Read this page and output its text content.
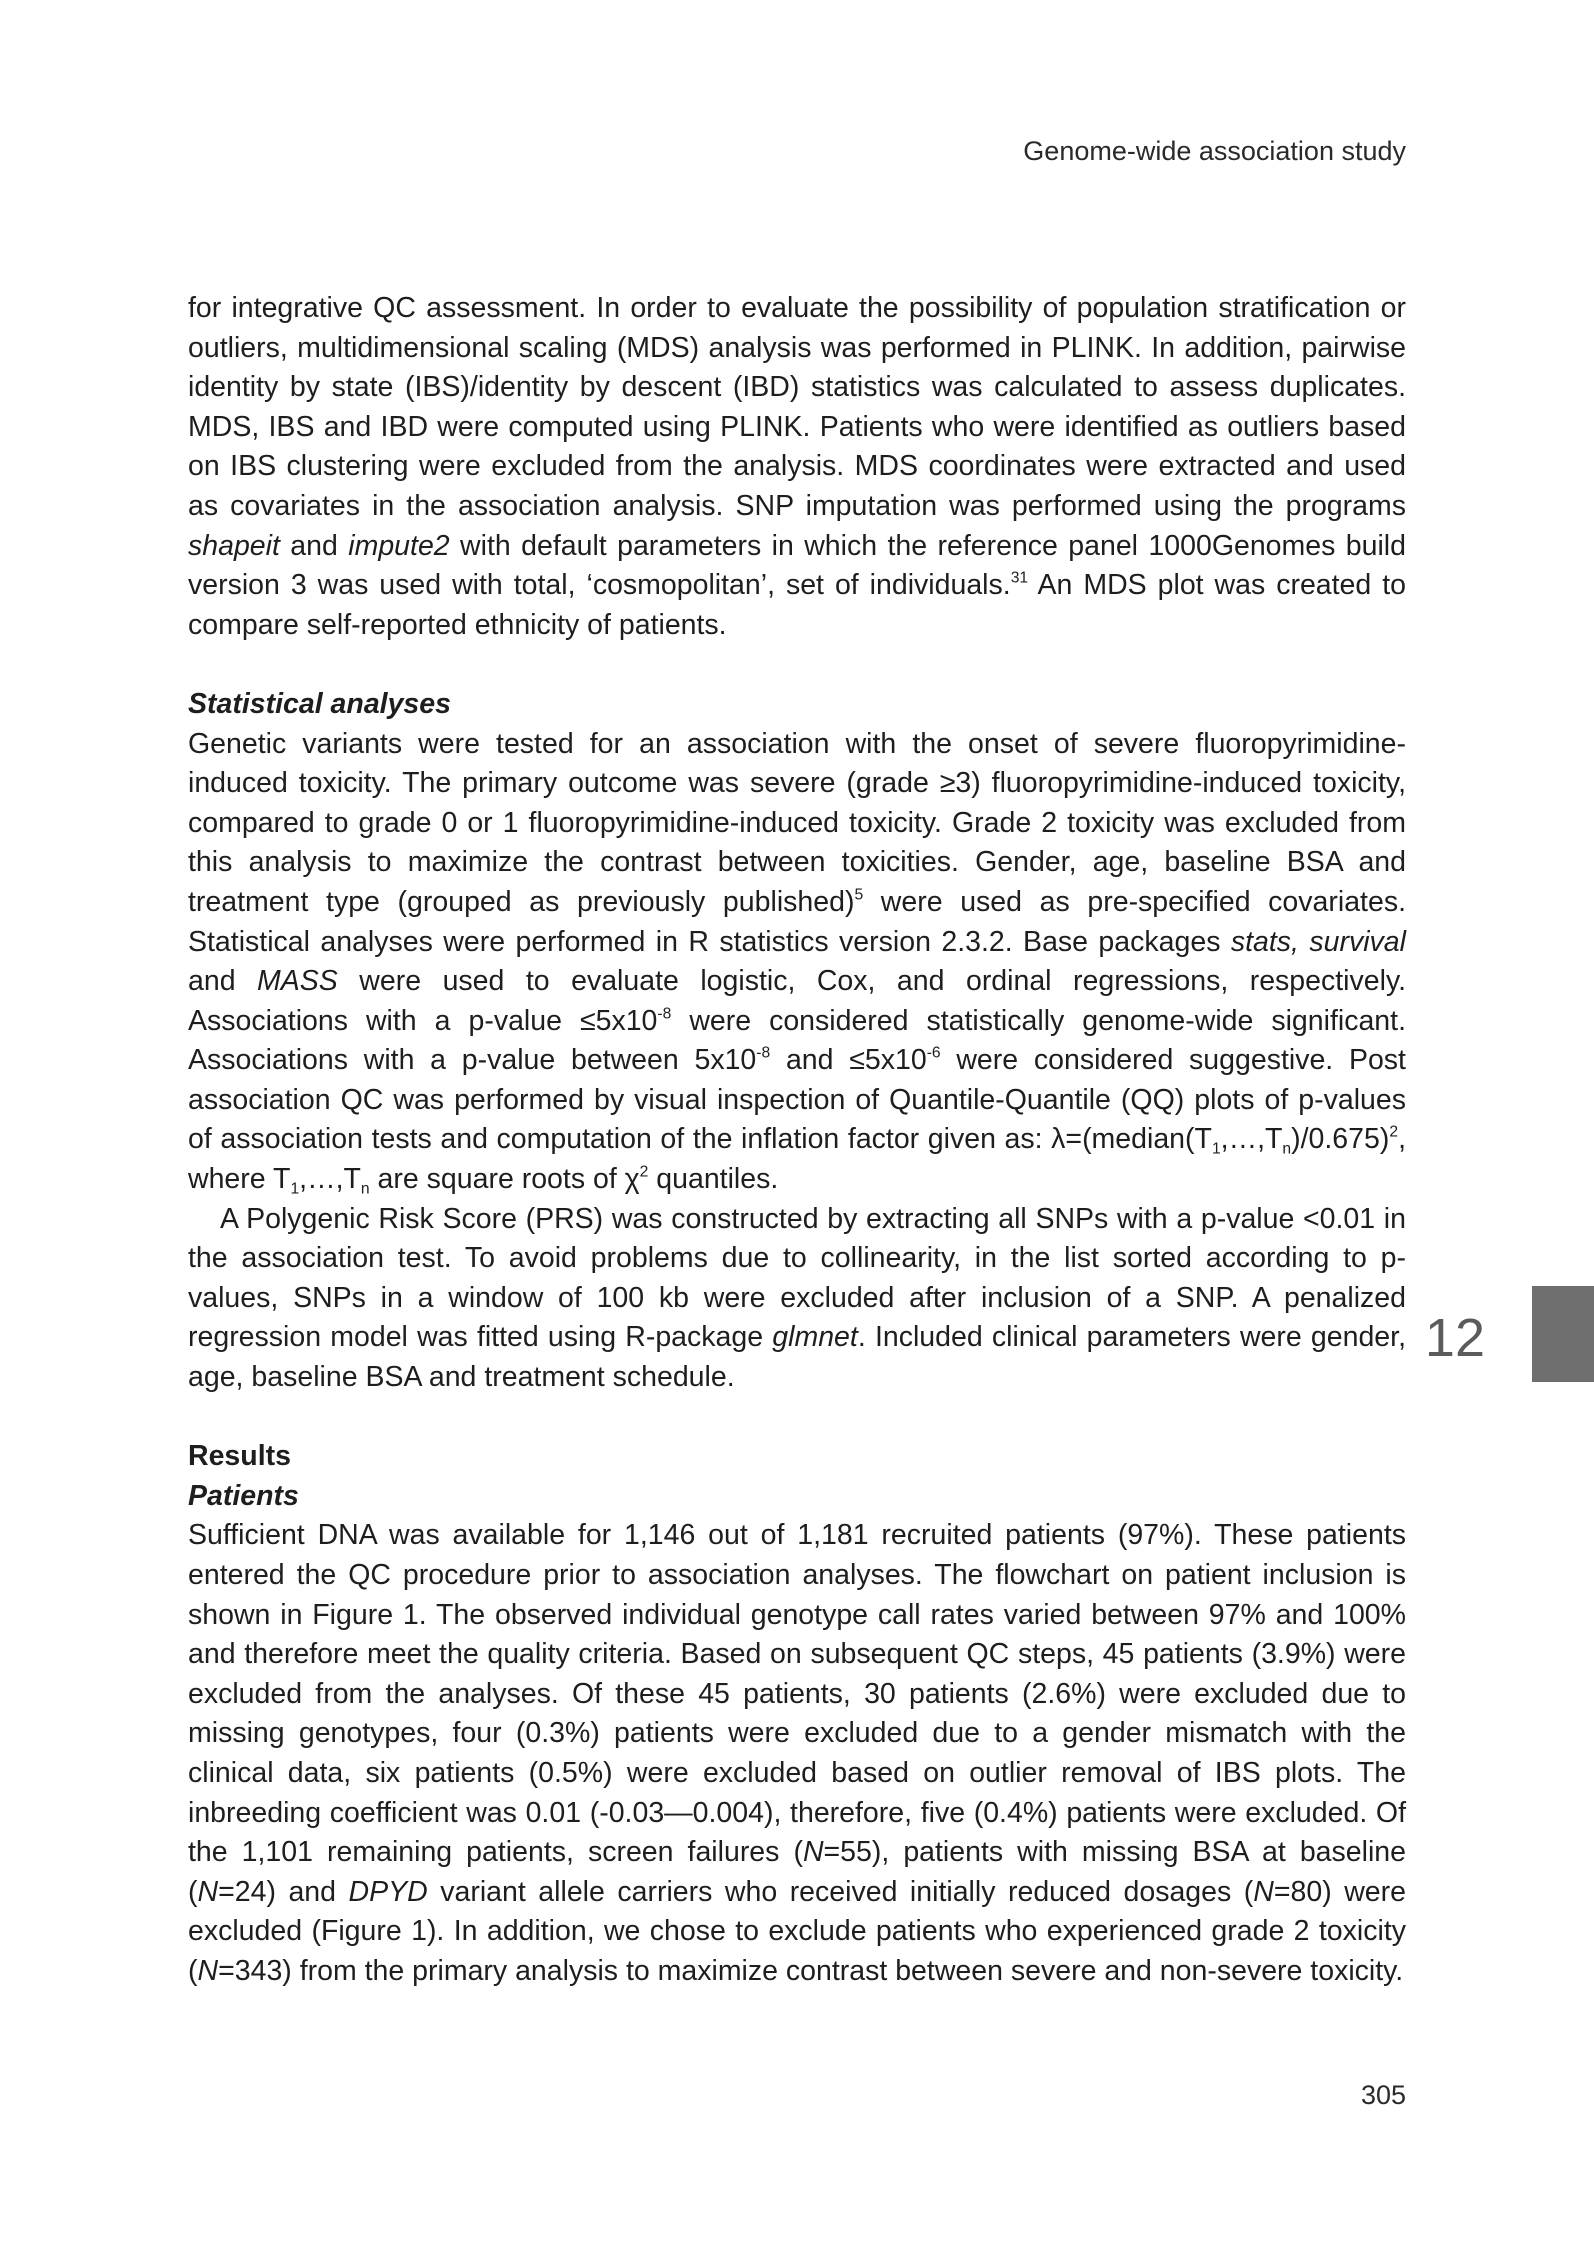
Genome-wide association study

for integrative QC assessment. In order to evaluate the possibility of population stratification or outliers, multidimensional scaling (MDS) analysis was performed in PLINK. In addition, pairwise identity by state (IBS)/identity by descent (IBD) statistics was calculated to assess duplicates. MDS, IBS and IBD were computed using PLINK. Patients who were identified as outliers based on IBS clustering were excluded from the analysis. MDS coordinates were extracted and used as covariates in the association analysis. SNP imputation was performed using the programs shapeit and impute2 with default parameters in which the reference panel 1000Genomes build version 3 was used with total, ‘cosmopolitan’, set of individuals.$^{31}$ An MDS plot was created to compare self-reported ethnicity of patients.

Statistical analyses

Genetic variants were tested for an association with the onset of severe fluoropyrimidine-induced toxicity. The primary outcome was severe (grade ≥3) fluoropyrimidine-induced toxicity, compared to grade 0 or 1 fluoropyrimidine-induced toxicity. Grade 2 toxicity was excluded from this analysis to maximize the contrast between toxicities. Gender, age, baseline BSA and treatment type (grouped as previously published)$^5$ were used as pre-specified covariates. Statistical analyses were performed in R statistics version 2.3.2. Base packages stats, survival and MASS were used to evaluate logistic, Cox, and ordinal regressions, respectively. Associations with a p-value $\le 5x10^{-8}$ were considered statistically genome-wide significant. Associations with a p-value between $5x10^{-8}$ and $\le 5x10^{-6}$ were considered suggestive. Post association QC was performed by visual inspection of Quantile-Quantile (QQ) plots of p-values of association tests and computation of the inflation factor given as: $\lambda=(median(T_1,\dots,T_n)/0.675)^2$, where $T_1,\dots,T_n$ are square roots of $\chi^2$ quantiles.

A Polygenic Risk Score (PRS) was constructed by extracting all SNPs with a p-value <0.01 in the association test. To avoid problems due to collinearity, in the list sorted according to p-values, SNPs in a window of 100 kb were excluded after inclusion of a SNP. A penalized regression model was fitted using R-package glmnet. Included clinical parameters were gender, age, baseline BSA and treatment schedule.

Results

Patients

Sufficient DNA was available for 1,146 out of 1,181 recruited patients (97%). These patients entered the QC procedure prior to association analyses. The flowchart on patient inclusion is shown in Figure 1. The observed individual genotype call rates varied between 97% and 100% and therefore meet the quality criteria. Based on subsequent QC steps, 45 patients (3.9%) were excluded from the analyses. Of these 45 patients, 30 patients (2.6%) were excluded due to missing genotypes, four (0.3%) patients were excluded due to a gender mismatch with the clinical data, six patients (0.5%) were excluded based on outlier removal of IBS plots. The inbreeding coefficient was 0.01 (-0.03—0.004), therefore, five (0.4%) patients were excluded. Of the 1,101 remaining patients, screen failures (N=55), patients with missing BSA at baseline (N=24) and DPYD variant allele carriers who received initially reduced dosages (N=80) were excluded (Figure 1). In addition, we chose to exclude patients who experienced grade 2 toxicity (N=343) from the primary analysis to maximize contrast between severe and non-severe toxicity.

12
305
